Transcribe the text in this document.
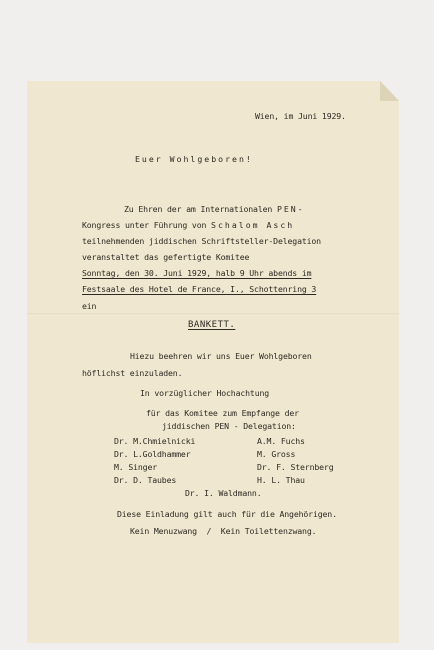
Wien, im Juni 1929.

Euer Wohlgeboren!

Zu Ehren der am Internationalen PEN-

Kongress unter Führung von Schalom Asch

teilnehmenden jiddischen Schriftsteller-Delegation

veranstaltet das gefertigte Komitee

Sonntag, den 30. Juni 1929, halb 9 Uhr abends im

Festsaale des Hotel de France, I., Schottenring 3

ein

BANKETT.

Hiezu beehren wir uns Euer Wohlgeboren

höflichst einzuladen.

In vorzüglicher Hochachtung

für das Komitee zum Empfange der

jiddischen PEN - Delegation:

Dr. M.Chmielnicki

Dr. L.Goldhammer

M. Singer

Dr. D. Taubes

A.M. Fuchs

M. Gross

Dr. F. Sternberg

H. L. Thau

Dr. I. Waldmann.

Diese Einladung gilt auch für die Angehörigen.

Kein Menuzwang  /  Kein Toilettenzwang.
